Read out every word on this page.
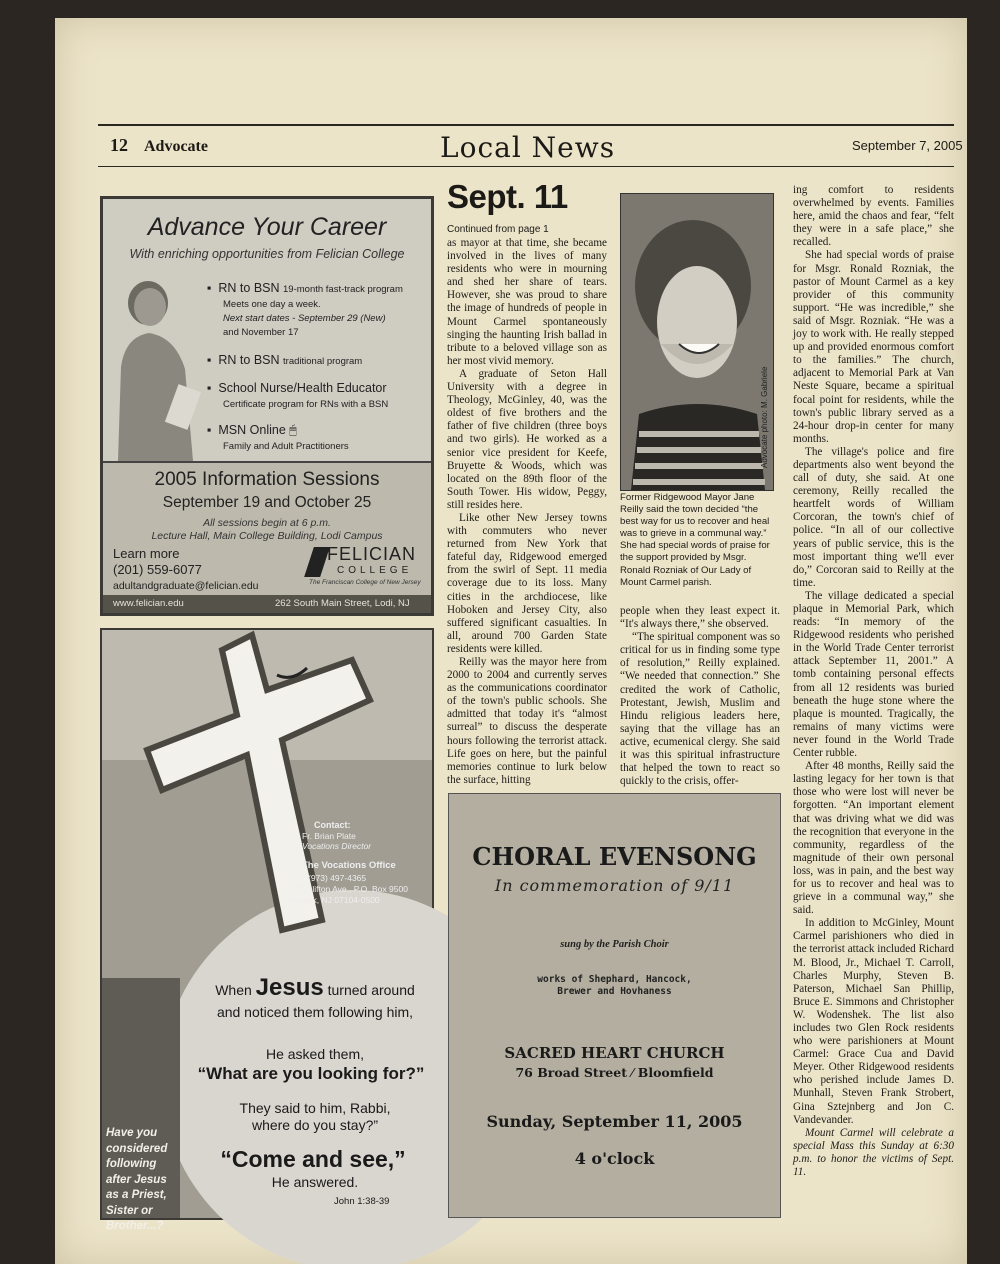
12 Advocate	Local News	September 7, 2005
Advance Your Career
With enriching opportunities from Felician College
▪  RN to BSN 19-month fast-track program
Meets one day a week.
Next start dates - September 29 (New)
and November 17
▪  RN to BSN traditional program
▪  School Nurse/Health Educator
Certificate program for RNs with a BSN
▪  MSN Online 🖱
Family and Adult Practitioners
2005 Information Sessions
September 19 and October 25
All sessions begin at 6 p.m.
Lecture Hall, Main College Building, Lodi Campus
Learn more
(201) 559-6077
adultandgraduate@felician.edu
FELICIAN
COLLEGE
The Franciscan College of New Jersey
www.felician.edu	262 South Main Street, Lodi, NJ
Contact:
Fr. Brian Plate
Vocations Director
The Vocations Office
(973) 497-4365
171Clifton Ave., P.O. Box 9500
Newark, NJ 07104-0500
When Jesus turned around
and noticed them following him,
He asked them,
“What are you looking for?”
They said to him, Rabbi,
where do you stay?”
“Come and see,”
He answered.
John 1:38-39
Have you considered following after Jesus as a Priest, Sister or Brother...?
Sept. 11
Continued from page 1

as mayor at that time, she became involved in the lives of many residents who were in mourning and shed her share of tears. However, she was proud to share the image of hundreds of people in Mount Carmel spontaneously singing the haunting Irish ballad in tribute to a beloved village son as her most vivid memory.

A graduate of Seton Hall University with a degree in Theology, McGinley, 40, was the oldest of five brothers and the father of five children (three boys and two girls). He worked as a senior vice president for Keefe, Bruyette & Woods, which was located on the 89th floor of the South Tower. His widow, Peggy, still resides here.

Like other New Jersey towns with commuters who never returned from New York that fateful day, Ridgewood emerged from the swirl of Sept. 11 media coverage due to its loss. Many cities in the archdiocese, like Hoboken and Jersey City, also suffered significant casualties. In all, around 700 Garden State residents were killed.

Reilly was the mayor here from 2000 to 2004 and currently serves as the communications coordinator of the town's public schools. She admitted that today it's “almost surreal” to discuss the desperate hours following the terrorist attack. Life goes on here, but the painful memories continue to lurk below the surface, hitting

Advocate photo: M. Gabriele
Former Ridgewood Mayor Jane Reilly said the town decided “the best way for us to recover and heal was to grieve in a communal way.” She had special words of praise for the support provided by Msgr. Ronald Rozniak of Our Lady of Mount Carmel parish.

people when they least expect it. “It's always there,” she observed.

“The spiritual component was so critical for us in finding some type of resolution,” Reilly explained. “We needed that connection.” She credited the work of Catholic, Protestant, Jewish, Muslim and Hindu religious leaders here, saying that the village has an active, ecumenical clergy. She said it was this spiritual infrastructure that helped the town to react so quickly to the crisis, offer-

ing comfort to residents overwhelmed by events. Families here, amid the chaos and fear, “felt they were in a safe place,” she recalled.

She had special words of praise for Msgr. Ronald Rozniak, the pastor of Mount Carmel as a key provider of this community support. “He was incredible,” she said of Msgr. Rozniak. “He was a joy to work with. He really stepped up and provided enormous comfort to the families.” The church, adjacent to Memorial Park at Van Neste Square, became a spiritual focal point for residents, while the town's public library served as a 24-hour drop-in center for many months.

The village's police and fire departments also went beyond the call of duty, she said. At one ceremony, Reilly recalled the heartfelt words of William Corcoran, the town's chief of police. “In all of our collective years of public service, this is the most important thing we'll ever do,” Corcoran said to Reilly at the time.

The village dedicated a special plaque in Memorial Park, which reads: “In memory of the Ridgewood residents who perished in the World Trade Center terrorist attack September 11, 2001.” A tomb containing personal effects from all 12 residents was buried beneath the huge stone where the plaque is mounted. Tragically, the remains of many victims were never found in the World Trade Center rubble.

After 48 months, Reilly said the lasting legacy for her town is that those who were lost will never be forgotten. “An important element that was driving what we did was the recognition that everyone in the community, regardless of the magnitude of their own personal loss, was in pain, and the best way for us to recover and heal was to grieve in a communal way,” she said.

In addition to McGinley, Mount Carmel parishioners who died in the terrorist attack included Richard M. Blood, Jr., Michael T. Carroll, Charles Murphy, Steven B. Paterson, Michael San Phillip, Bruce E. Simmons and Christopher W. Wodenshek. The list also includes two Glen Rock residents who were parishioners at Mount Carmel: Grace Cua and David Meyer. Other Ridgewood residents who perished include James D. Munhall, Steven Frank Strobert, Gina Sztejnberg and Jon C. Vandevander.

Mount Carmel will celebrate a special Mass this Sunday at 6:30 p.m. to honor the victims of Sept. 11.

CHORAL EVENSONG
In commemoration of 9/11
sung by the Parish Choir
works of Shephard, Hancock,
Brewer and Hovhaness
SACRED HEART CHURCH
76 Broad Street ⁄ Bloomfield
Sunday, September 11, 2005
4 o'clock
